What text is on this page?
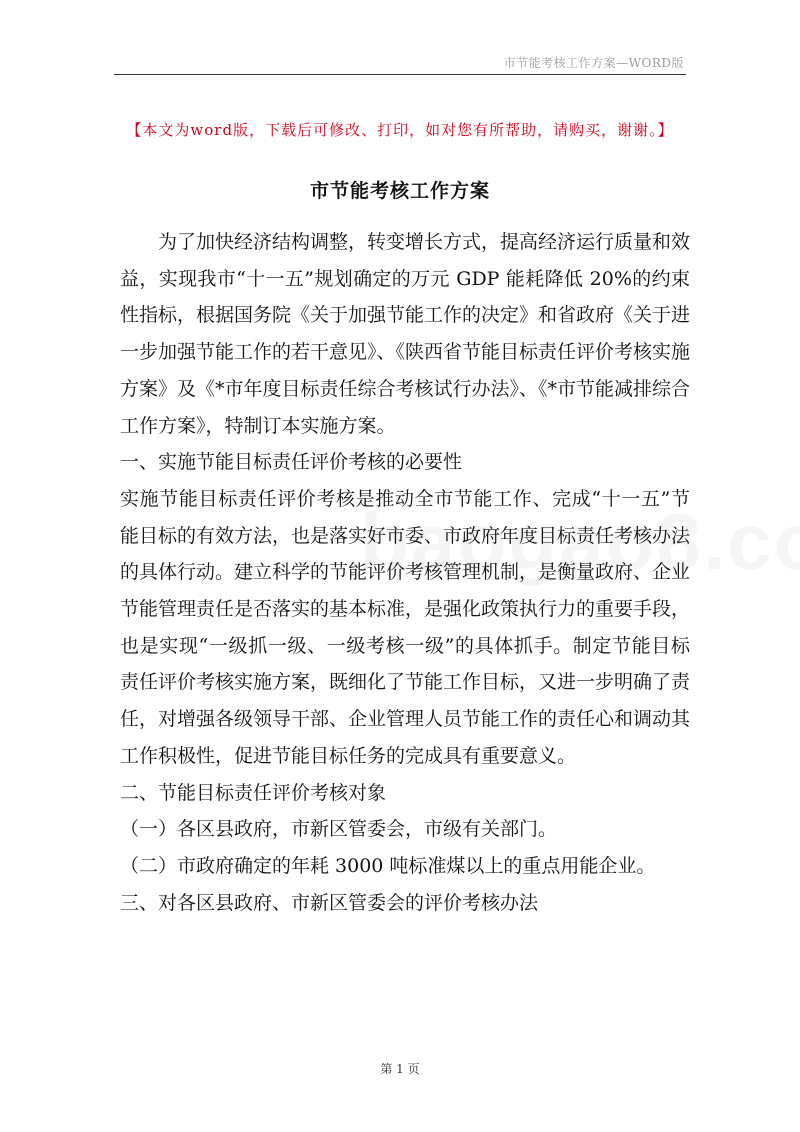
市节能考核工作方案—WORD版
【本文为word版，下载后可修改、打印，如对您有所帮助，请购买，谢谢。】
市节能考核工作方案

为了加快经济结构调整，转变增长方式，提高经济运行质量和效益，实现我市“十一五”规划确定的万元 GDP 能耗降低 20%的约束性指标，根据国务院《关于加强节能工作的决定》和省政府《关于进一步加强节能工作的若干意见》、《陕西省节能目标责任评价考核实施方案》及《*市年度目标责任综合考核试行办法》、《*市节能减排综合工作方案》，特制订本实施方案。

一、实施节能目标责任评价考核的必要性

实施节能目标责任评价考核是推动全市节能工作、完成“十一五”节能目标的有效方法，也是落实好市委、市政府年度目标责任考核办法的具体行动。建立科学的节能评价考核管理机制，是衡量政府、企业节能管理责任是否落实的基本标准，是强化政策执行力的重要手段，也是实现“一级抓一级、一级考核一级”的具体抓手。制定节能目标责任评价考核实施方案，既细化了节能工作目标，又进一步明确了责任，对增强各级领导干部、企业管理人员节能工作的责任心和调动其工作积极性，促进节能目标任务的完成具有重要意义。

二、节能目标责任评价考核对象

（一）各区县政府，市新区管委会，市级有关部门。

（二）市政府确定的年耗 3000 吨标准煤以上的重点用能企业。

三、对各区县政府、市新区管委会的评价考核办法

第 1 页
